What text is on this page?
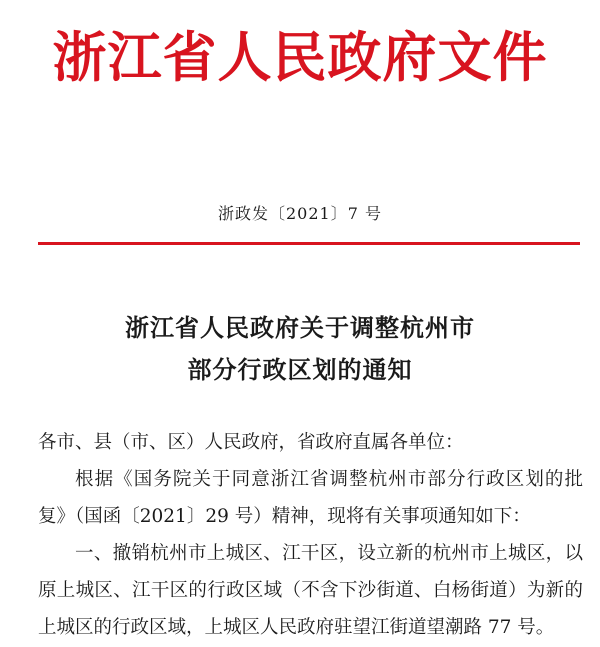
浙江省人民政府文件
浙政发〔2021〕7 号
浙江省人民政府关于调整杭州市
部分行政区划的通知

各市、县（市、区）人民政府，省政府直属各单位：

根据《国务院关于同意浙江省调整杭州市部分行政区划的批复》（国函〔2021〕29 号）精神，现将有关事项通知如下：

一、撤销杭州市上城区、江干区，设立新的杭州市上城区，以原上城区、江干区的行政区域（不含下沙街道、白杨街道）为新的上城区的行政区域，上城区人民政府驻望江街道望潮路 77 号。
